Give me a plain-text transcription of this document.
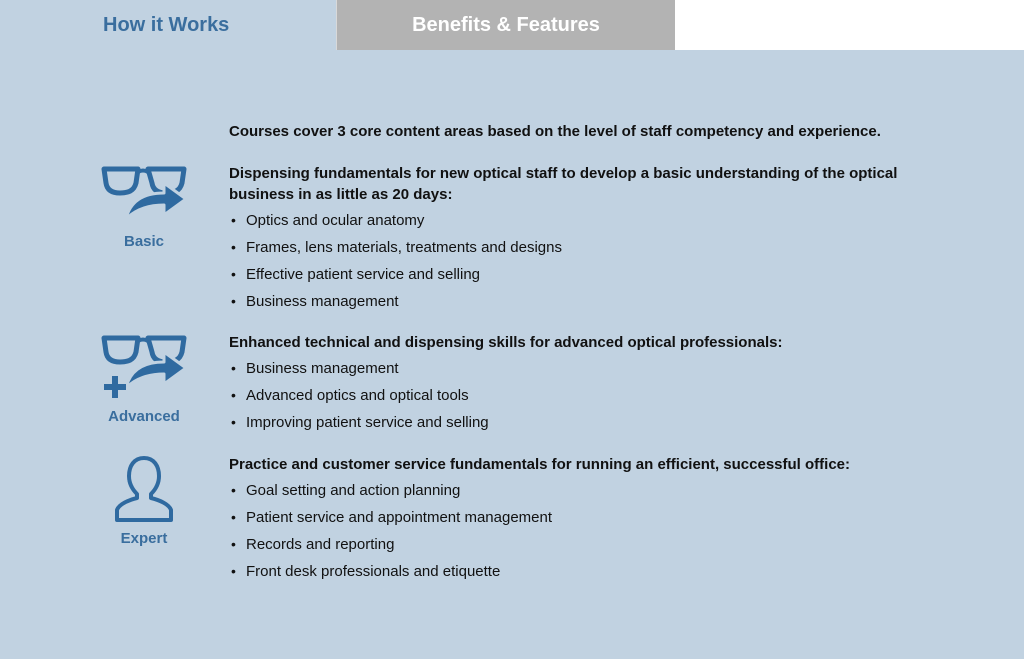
How it Works	Benefits & Features
Courses cover 3 core content areas based on the level of staff competency and experience.
Basic
Dispensing fundamentals for new optical staff to develop a basic understanding of the optical business in as little as 20 days:
• Optics and ocular anatomy
• Frames, lens materials, treatments and designs
• Effective patient service and selling
• Business management
Advanced
Enhanced technical and dispensing skills for advanced optical professionals:
• Business management
• Advanced optics and optical tools
• Improving patient service and selling
Expert
Practice and customer service fundamentals for running an efficient, successful office:
• Goal setting and action planning
• Patient service and appointment management
• Records and reporting
• Front desk professionals and etiquette
